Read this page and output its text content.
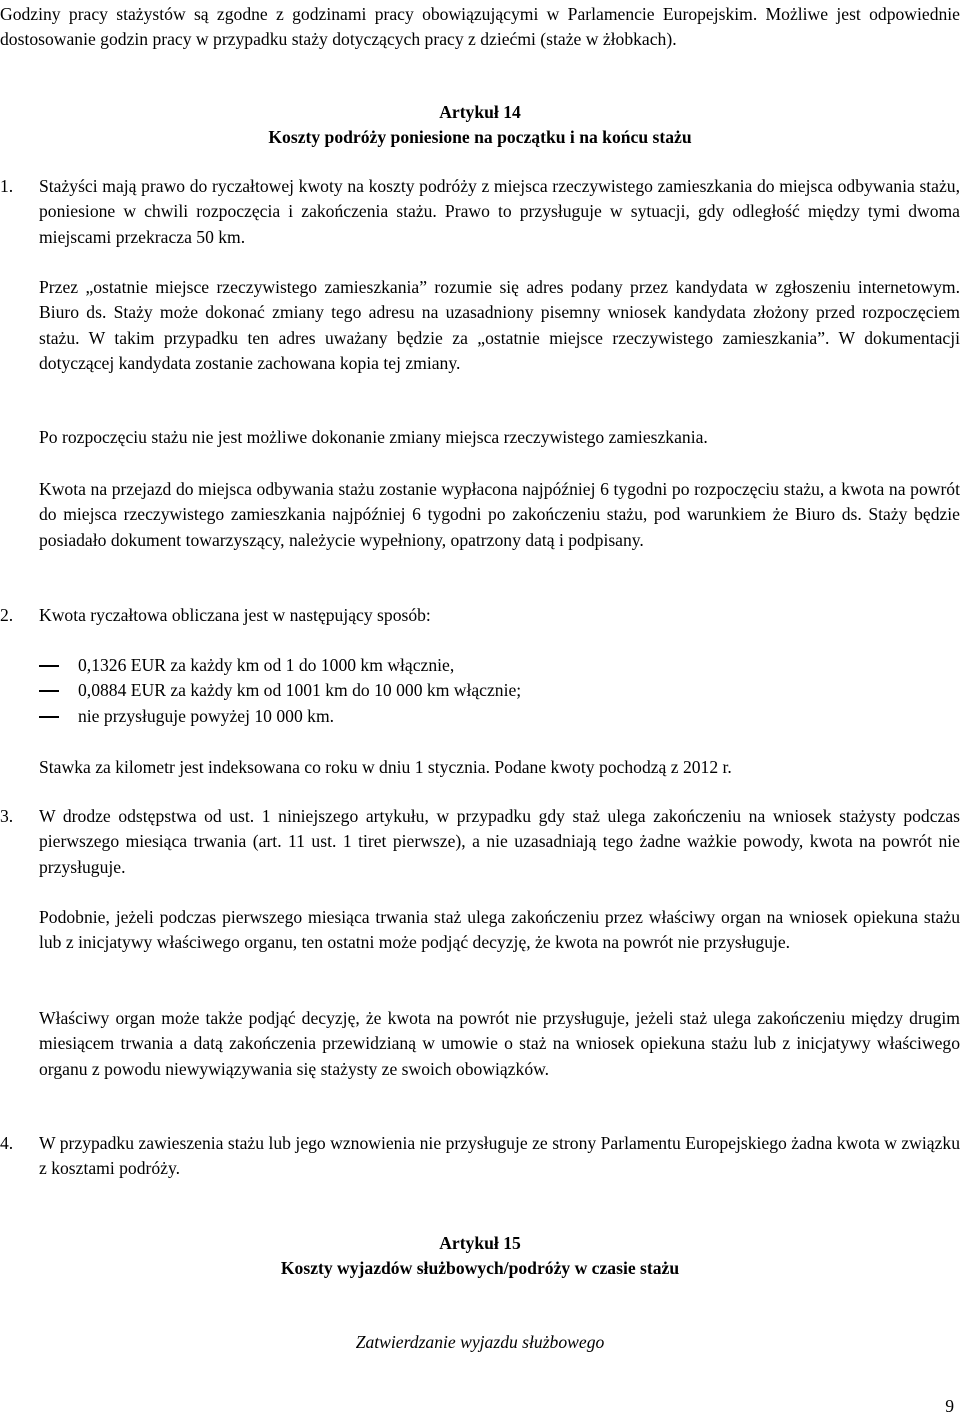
Godziny pracy stażystów są zgodne z godzinami pracy obowiązującymi w Parlamencie Europejskim. Możliwe jest odpowiednie dostosowanie godzin pracy w przypadku staży dotyczących pracy z dziećmi (staże w żłobkach).

Artykuł 14
Koszty podróży poniesione na początku i na końcu stażu
1. Stażyści mają prawo do ryczałtowej kwoty na koszty podróży z miejsca rzeczywistego zamieszkania do miejsca odbywania stażu, poniesione w chwili rozpoczęcia i zakończenia stażu. Prawo to przysługuje w sytuacji, gdy odległość między tymi dwoma miejscami przekracza 50 km.

Przez „ostatnie miejsce rzeczywistego zamieszkania” rozumie się adres podany przez kandydata w zgłoszeniu internetowym. Biuro ds. Staży może dokonać zmiany tego adresu na uzasadniony pisemny wniosek kandydata złożony przed rozpoczęciem stażu. W takim przypadku ten adres uważany będzie za „ostatnie miejsce rzeczywistego zamieszkania”. W dokumentacji dotyczącej kandydata zostanie zachowana kopia tej zmiany.

Po rozpoczęciu stażu nie jest możliwe dokonanie zmiany miejsca rzeczywistego zamieszkania.

Kwota na przejazd do miejsca odbywania stażu zostanie wypłacona najpóźniej 6 tygodni po rozpoczęciu stażu, a kwota na powrót do miejsca rzeczywistego zamieszkania najpóźniej 6 tygodni po zakończeniu stażu, pod warunkiem że Biuro ds. Staży będzie posiadało dokument towarzyszący, należycie wypełniony, opatrzony datą i podpisany.

2. Kwota ryczałtowa obliczana jest w następujący sposób:

0,1326 EUR za każdy km od 1 do 1000 km włącznie,
0,0884 EUR za każdy km od 1001 km do 10 000 km włącznie;
nie przysługuje powyżej 10 000 km.

Stawka za kilometr jest indeksowana co roku w dniu 1 stycznia. Podane kwoty pochodzą z 2012 r.

3. W drodze odstępstwa od ust. 1 niniejszego artykułu, w przypadku gdy staż ulega zakończeniu na wniosek stażysty podczas pierwszego miesiąca trwania (art. 11 ust. 1 tiret pierwsze), a nie uzasadniają tego żadne ważkie powody, kwota na powrót nie przysługuje.

Podobnie, jeżeli podczas pierwszego miesiąca trwania staż ulega zakończeniu przez właściwy organ na wniosek opiekuna stażu lub z inicjatywy właściwego organu, ten ostatni może podjąć decyzję, że kwota na powrót nie przysługuje.

Właściwy organ może także podjąć decyzję, że kwota na powrót nie przysługuje, jeżeli staż ulega zakończeniu między drugim miesiącem trwania a datą zakończenia przewidzianą w umowie o staż na wniosek opiekuna stażu lub z inicjatywy właściwego organu z powodu niewywiązywania się stażysty ze swoich obowiązków.

4. W przypadku zawieszenia stażu lub jego wznowienia nie przysługuje ze strony Parlamentu Europejskiego żadna kwota w związku z kosztami podróży.

Artykuł 15
Koszty wyjazdów służbowych/podróży w czasie stażu
Zatwierdzanie wyjazdu służbowego
9
